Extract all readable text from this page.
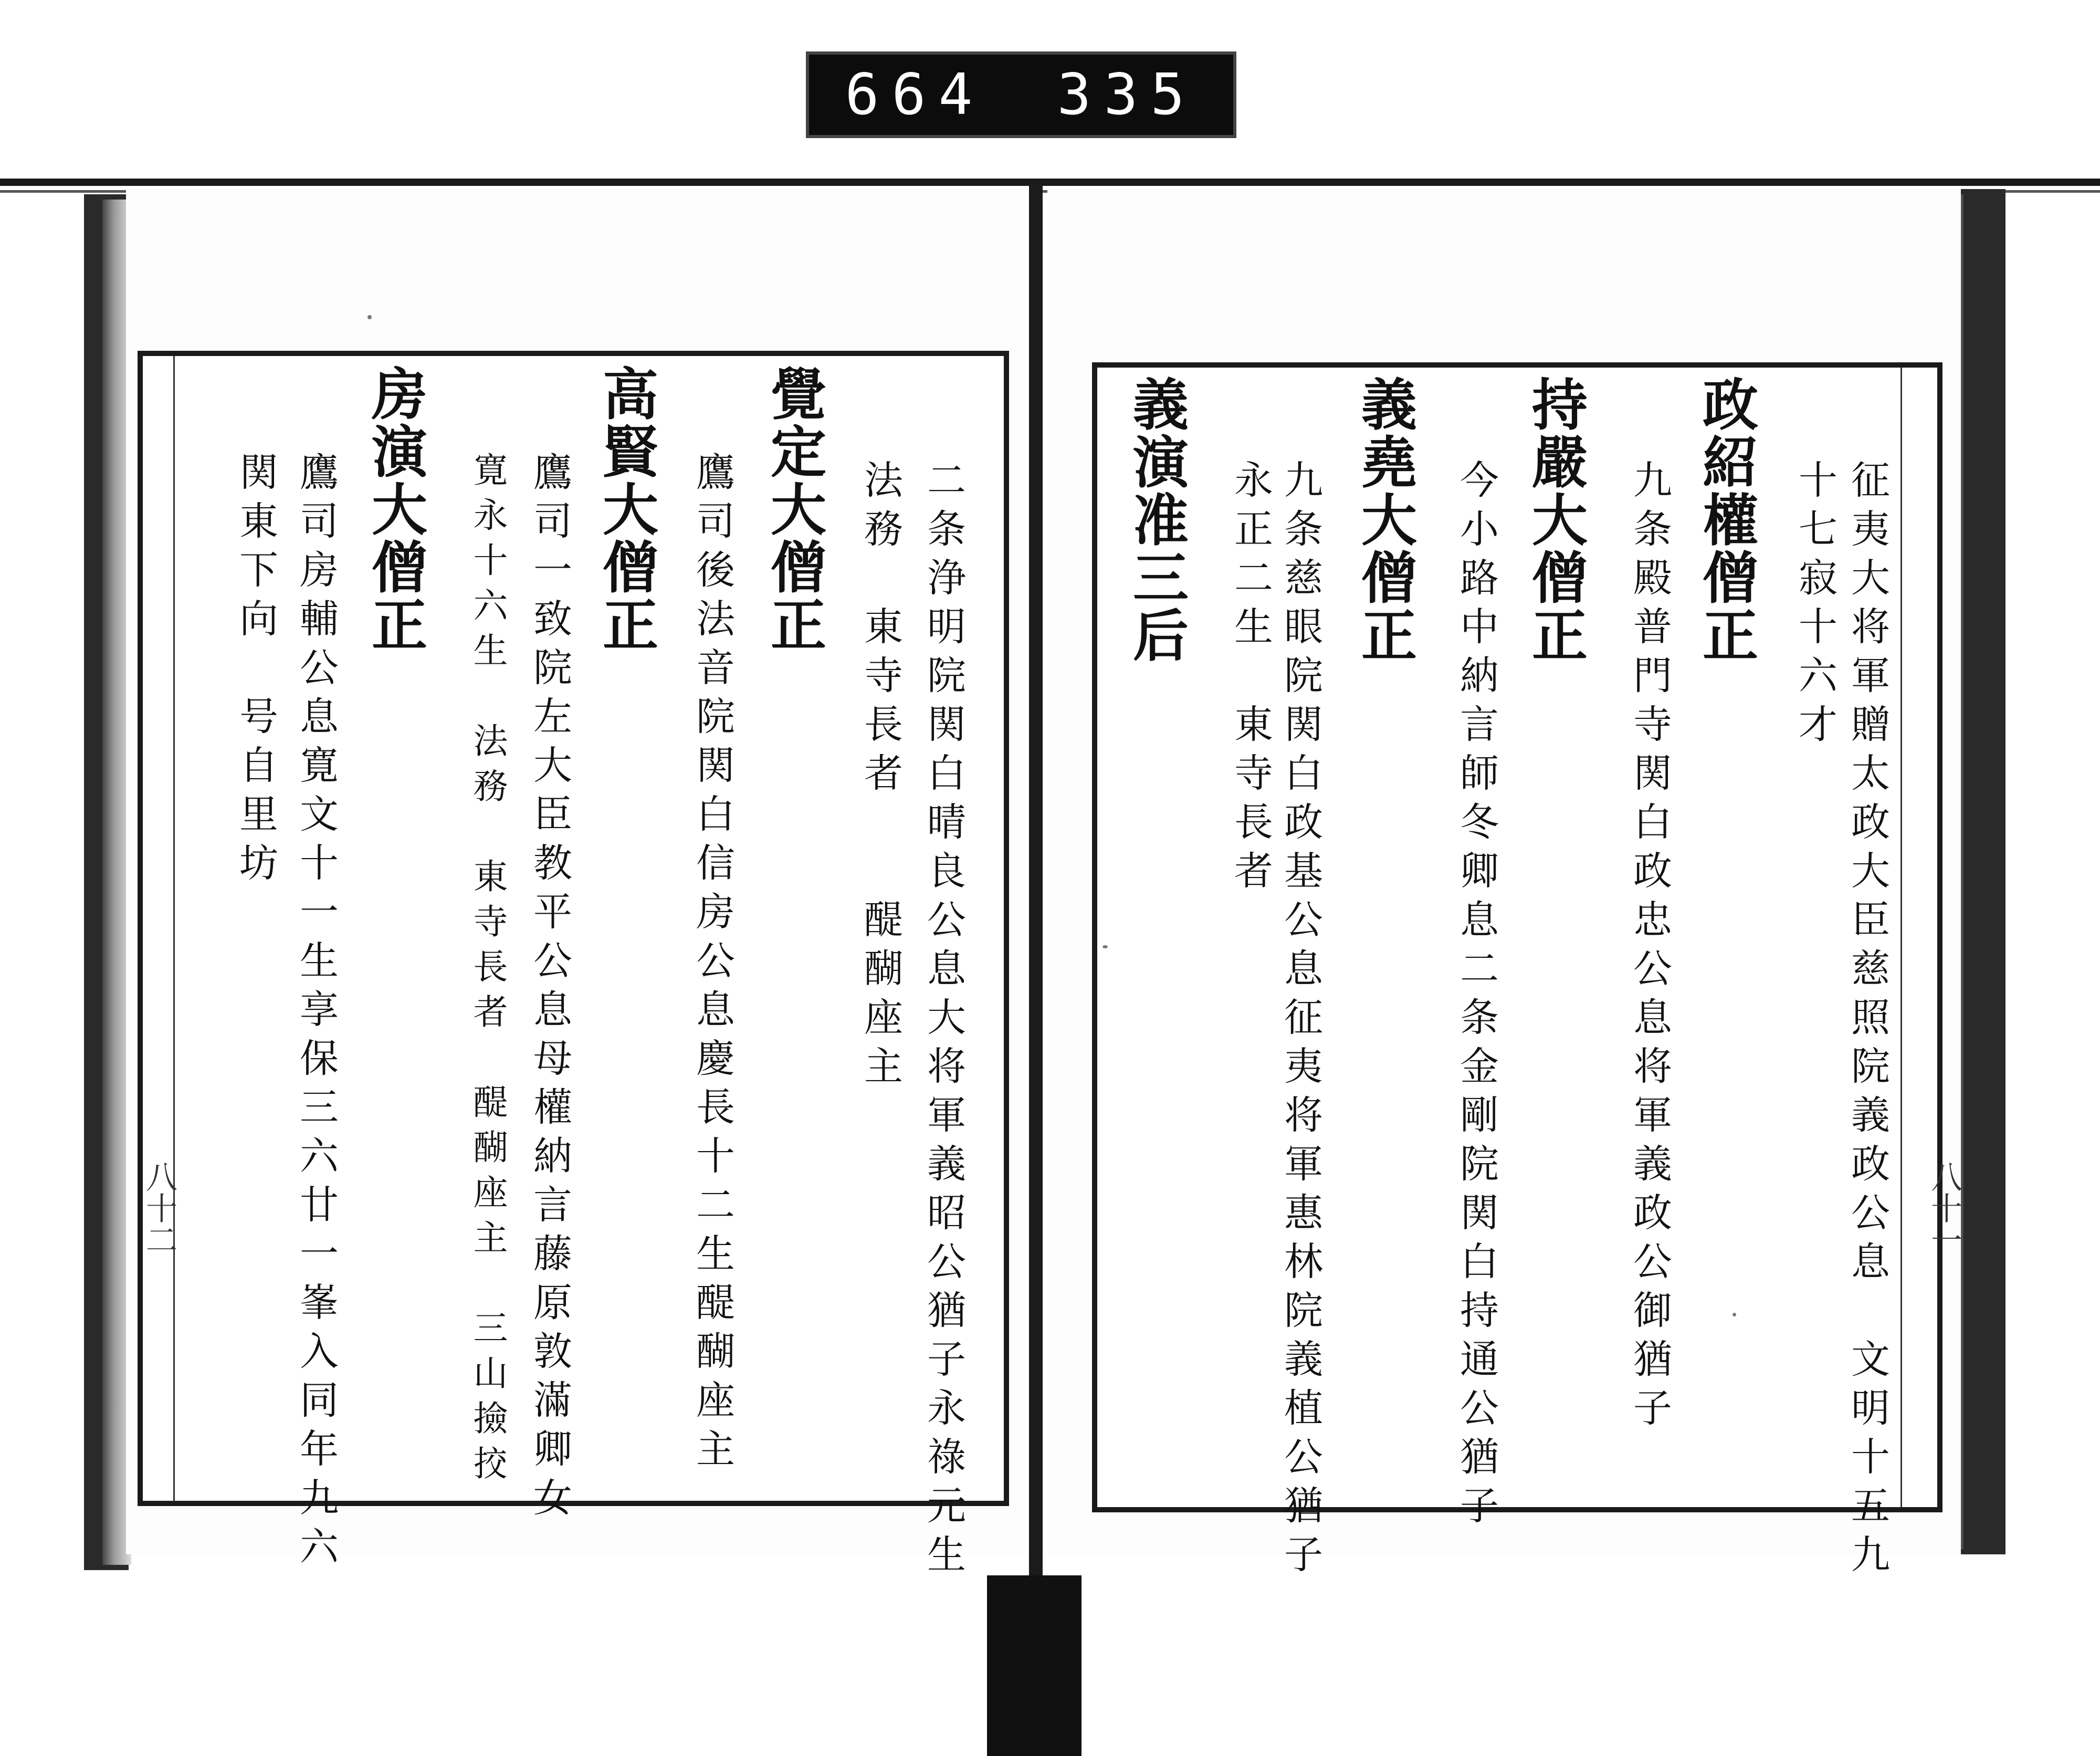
664 335
征夷大将軍贈太政大臣慈照院義政公息　文明十五九
十七寂十六才
政紹權僧正
九条殿普門寺関白政忠公息将軍義政公御猶子
持嚴大僧正
今小路中納言師冬卿息二条金剛院関白持通公猶子
義堯大僧正
九条慈眼院関白政基公息征夷将軍惠林院義植公猶子
永正二生　東寺長者
義演准三后
二条浄明院関白晴良公息大将軍義昭公猶子永祿元生
法務　東寺長者　　醍醐座主
覺定大僧正
鷹司後法音院関白信房公息慶長十二生醍醐座主
高賢大僧正
鷹司一致院左大臣教平公息母權納言藤原敦滿卿女
寛永十六生　法務　東寺長者　醍醐座主　三山撿挍
房演大僧正
鷹司房輔公息寛文十一生享保三六廿一峯入同年九六
関東下向　号自里坊
八十二	八十一
